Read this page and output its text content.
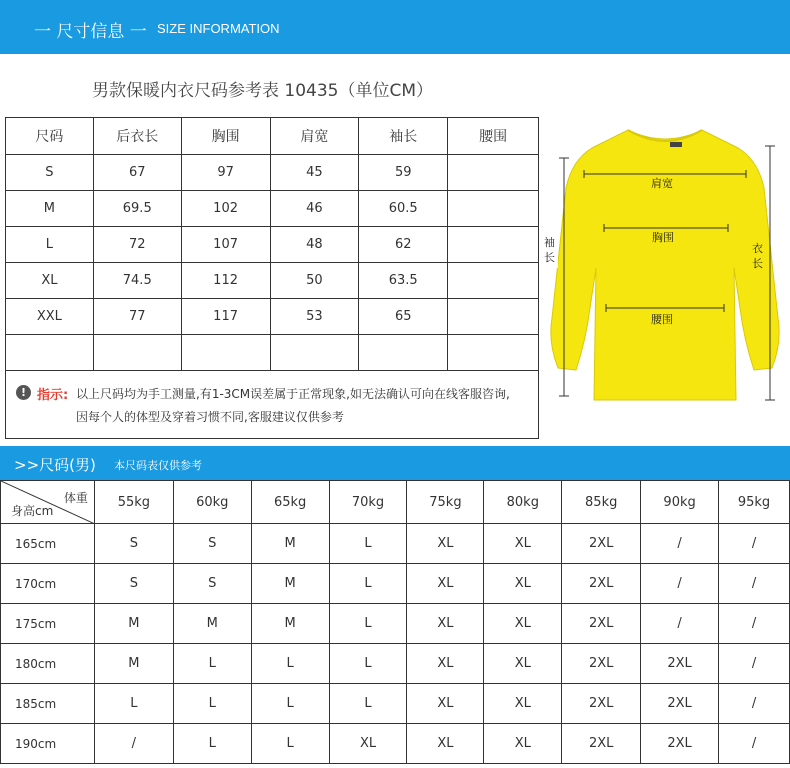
一 尺寸信息 一 SIZE INFORMATION
男款保暖内衣尺码参考表 10435（单位CM）
尺码	后衣长	胸围	肩宽	袖长	腰围
S	67	97	45	59	
M	69.5	102	46	60.5	
L	72	107	48	62	
XL	74.5	112	50	63.5	
XXL	77	117	53	65	

! 指示: 以上尺码均为手工测量,有1-3CM误差属于正常现象,如无法确认可向在线客服咨询,
因每个人的体型及穿着习惯不同,客服建议仅供参考
肩宽
胸围
腰围
袖
长
衣
长
>>尺码(男) 本尺码表仅供参考
体重
身高cm	55kg	60kg	65kg	70kg	75kg	80kg	85kg	90kg	95kg
165cm	S	S	M	L	XL	XL	2XL	/	/
170cm	S	S	M	L	XL	XL	2XL	/	/
175cm	M	M	M	L	XL	XL	2XL	/	/
180cm	M	L	L	L	XL	XL	2XL	2XL	/
185cm	L	L	L	L	XL	XL	2XL	2XL	/
190cm	/	L	L	XL	XL	XL	2XL	2XL	/
